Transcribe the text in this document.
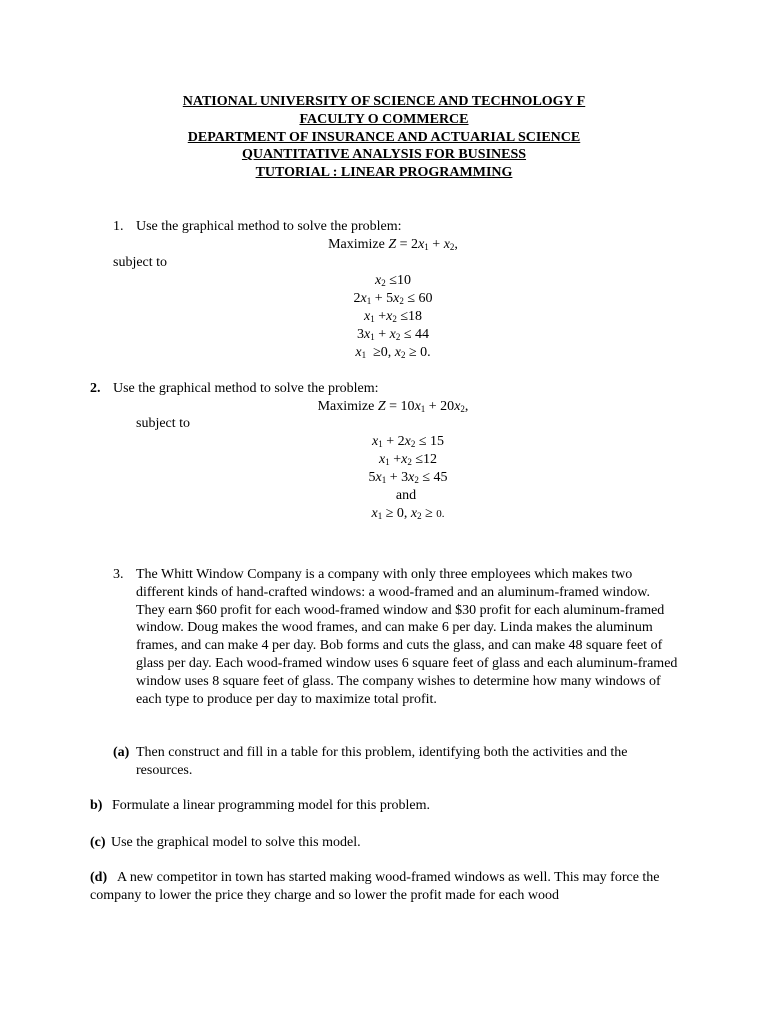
NATIONAL UNIVERSITY OF SCIENCE AND TECHNOLOGY F
FACULTY O COMMERCE
DEPARTMENT OF INSURANCE AND ACTUARIAL SCIENCE
QUANTITATIVE ANALYSIS FOR BUSINESS
TUTORIAL : LINEAR PROGRAMMING
1. Use the graphical method to solve the problem:
Maximize $Z = 2x_1 + x_2$,
subject to
$x_2 \le 10$
$2x_1 + 5x_2 \le 60$
$x_1 +x_2 \le 18$
$3x_1 + x_2 \le 44$
$x_1 \ge 0$, $x_2 \ge 0$.
2. Use the graphical method to solve the problem:
Maximize $Z = 10x_1 + 20x_2$,
subject to
$x_1 + 2x_2 \le 15$
$x_1 +x_2 \le 12$
$5x_1 + 3x_2 \le 45$
and
$x_1 \ge 0$, $x_2 \ge 0$.
3. The Whitt Window Company is a company with only three employees which makes two different kinds of hand-crafted windows: a wood-framed and an aluminum-framed window. They earn $60 profit for each wood-framed window and $30 profit for each aluminum-framed window. Doug makes the wood frames, and can make 6 per day. Linda makes the aluminum frames, and can make 4 per day. Bob forms and cuts the glass, and can make 48 square feet of glass per day. Each wood-framed window uses 6 square feet of glass and each aluminum-framed window uses 8 square feet of glass. The company wishes to determine how many windows of each type to produce per day to maximize total profit.
(a) Then construct and fill in a table for this problem, identifying both the activities and the resources.
b) Formulate a linear programming model for this problem.
(c) Use the graphical model to solve this model.
A new competitor in town has started making wood-framed windows as well. This may force the company to lower the price they charge and so lower the profit made for each wood
(d)
